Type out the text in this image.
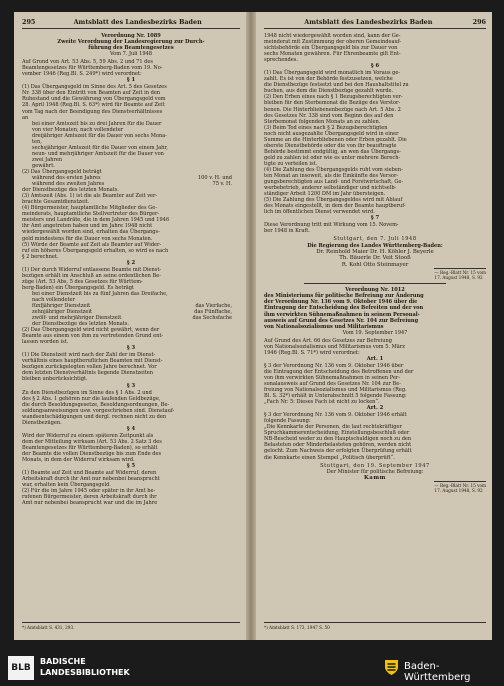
295	Amtsblatt des Landesbezirks Baden
Verordnung Nr. 1089
Zweite Verordnung der Landesregierung zur Durch-
führung des Beamtengesetzes
Vom 7. Juli 1948
Auf Grund von Art. 53 Abs. 5, 59 Abs. 2 und 71 des
Beamtengesetzes für Württemberg-Baden vom 19. No-
vember 1946 (Reg.Bl. S. 249*) wird verordnet:
§ 1
(1) Das Übergangsgeld im Sinne des Art. 5 des Gesetzes
Nr. 338 über den Eintritt von Beamten auf Zeit in den
Ruhestand und die Gewährung von Übergangsgeld vom
28. April 1948 (Reg.Bl. S. 63*) wird für Beamte auf Zeit
vom Tag nach der Beendigung des Dienstverhältnisses
an
bei einer Amtszeit bis zu drei Jahren für die Dauer
von vier Monaten, nach vollendeter
dreijähriger Amtszeit für die Dauer von sechs Mona-
ten,
sechsjähriger Amtszeit für die Dauer von einem Jahr,
neun- und mehrjähriger Amtszeit für die Dauer von
zwei Jahren
gewährt.
(2) Das Übergangsgeld beträgt
während des ersten Jahres	100 v. H. und
während des zweiten Jahres	75 v. H.
der Dienstbezüge des letzten Monats.
(3) Amtszeit (Abs. 1) ist die als Beamter auf Zeit ver-
brachte Gesamtdienstzeit.
(4) Bürgermeister, hauptamtliche Mitglieder des Ge-
meinderats, hauptamtliche Stellvertreter des Bürger-
meisters und Landräte, die in dem Jahren 1945 und 1946
ihr Amt angetreten haben und im Jahre 1948 nicht
wiedergewählt worden sind, erhalten das Übergangs-
geld mindestens für die Dauer von sechs Monaten.
(5) Würde der Beamte auf Zeit als Beamter auf Wider-
ruf ein höheres Übergangsgeld erhalten, so wird es nach
§ 2 berechnet.
§ 2
(1) Der durch Widerruf entlassene Beamte mit Dienst-
bezügen erhält im Anschluß an seine ordentlichen Be-
züge (Art. 53 Abs. 5 des Gesetzes für Württem-
berg-Baden) ein Übergangsgeld. Es beträgt
bei einer Dienstzeit bis zu fünf Jahren das Dreifache,
nach vollendeter
fünfjähriger Dienstzeit	das Vierfache,
zehnjähriger Dienstzeit	das Fünffache,
zwölf- und mehrjähriger Dienstzeit	das Sechsfache
der Dienstbezüge des letzten Monats.
(2) Das Übergangsgeld wird nicht gewährt, wenn der
Beamte aus einem von ihm zu vertretenden Grund ent-
lassen worden ist.
§ 3
(1) Die Dienstzeit wird nach der Zahl der im Dienst-
verhältnis eines hauptberuflichen Beamten mit Dienst-
bezügen zurückgelegten vollen Jahre berechnet. Vor
dem letzten Dienstverhältnis liegende Dienstzeiten
bleiben unberücksichtigt.
§ 3
Zu den Dienstbezügen im Sinne des § 1 Abs. 2 und
des § 2 Abs. 1 gehören nur die laufenden Geldbezüge,
die durch Besoldungsgesetze, Besoldungsordnungen, Be-
soldungsanweisungen usw. vorgeschrieben sind. Dienstauf-
wandsentschädigungen und dergl. rechnen nicht zu den
Dienstbezügen.
§ 4
Wird der Widerruf zu einem späteren Zeitpunkt als
dem der Mitteilung wirksam (Art. 53 Abs. 2 Satz 3 des
Beamtengesetzes für Württemberg-Baden), so erhält
der Beamte die vollen Dienstbezüge bis zum Ende des
Monats, in dem der Widerruf wirksam wird.
§ 5
(1) Beamte auf Zeit und Beamte auf Widerruf, deren
Arbeitskraft durch ihr Amt nur nebenbei beansprucht
war, erhalten kein Übergangsgeld.
(2) Für die im Jahre 1945 oder später in ihr Amt be-
rufenen Bürgermeister, deren Arbeitskraft durch ihr
Amt nur nebenbei beansprucht war und die im Jahre
*) Amtsblatt S. 431, 293.
Amtsblatt des Landesbezirks Baden	296
1948 nicht wiedergewählt worden sind, kann der Ge-
meinderat mit Zustimmung der oberen Gemeindeauf-
sichtsbehörde ein Übergangsgeld bis zur Dauer von
sechs Monaten gewähren. Für Ehrenbeamte gilt Ent-
sprechendes.
§ 6
(1) Das Übergangsgeld wird monatlich im Voraus ge-
zahlt. Es ist von der Behörde festzusetzen, welche
die Dienstbezüge festsetzt und bei den Haushaltstitel zu
buchen, aus dem die Dienstbezüge gezahlt wurde.
(2) Den Erben eines nach § 1 Bezugsberechtigten ver-
bleiben für den Sterbemonat die Bezüge des Verstor-
benen. Die Hinterbliebenenbezüge nach Art. 5 Abs. 2
des Gesetzes Nr. 338 sind vom Beginn des auf den
Sterbemonat folgenden Monats an zu zahlen.
(3) Beim Tod eines nach § 2 Bezugsberechtigten
noch nicht ausgezahlte Übergangsgeld wird in einer
Summe an die Hinterbliebenen oder Erben gezahlt. Die
oberste Dienstbehörde oder die von ihr beauftragte
Behörde bestimmt endgültig, an wen das Übergangs-
geld zu zahlen ist oder wie es unter mehrere Berech-
tigte zu verteilen ist.
(4) Die Zahlung des Übergangsgelds ruht vom sieben-
ten Monat an insoweit, als die Einkünfte des Versor-
gungsberechtigten aus Land- und Forstwirtschaft, Ge-
werbebetrieb, anderer selbständiger und nichtselb-
ständiger Arbeit 1200 DM im Jahr übersteigen.
(5) Die Zahlung des Übergangsgeldes wird mit Ablauf
des Monats eingestellt, in dem der Beamte hauptberuf-
lich im öffentlichen Dienst verwendet wird.
§ 7
Diese Verordnung tritt mit Wirkung vom 15. Novem-
ber 1948 in Kraft.
Stuttgart, den 7. Juli 1948
Die Regierung des Landes Württemberg-Baden:
Dr. Reinhold Maier Dr. H. Köhler J. Beyerle
Th. Bäuerle Dr. Veit Stooß
R. Kohl Otto Steinmayer
— Reg.-Blatt Nr. 15 vom
17. August 1948, S. 92
Verordnung Nr. 1012
des Ministeriums für politische Befreiung zur Änderung
der Verordnung Nr. 136 vom 9. Oktober 1946 über die
Eintragung der Entscheidung des Befreiten und der von
ihm verwirkten Sühnemaßnahmen in seinem Personal-
ausweis auf Grund des Gesetzes Nr. 104 zur Befreiung
von Nationalsozialismus und Militarismus
Vom 19. September 1947
Auf Grund des Art. 66 des Gesetzes zur Befreiung
von Nationalsozialismus und Militarismus vom 5. März
1946 (Reg.Bl. S. 71*) wird verordnet:
Art. 1
§ 3 der Verordnung Nr. 136 vom 9. Oktober 1946 über
die Eintragung der Entscheidung des Betroffenen und der
von ihm verwirkten Sühnemaßnahmen in seinen Per-
sonalausweis auf Grund des Gesetzes Nr. 104 zur Be-
freiung von Nationalsozialismus und Militarismus (Reg.
Bl. S. 32*) erhält in Unterabschnitt 5 folgende Fassung:
„Fach Nr. 5: Dieses Fach ist nicht zu locken“.
Art. 2
§ 3 der Verordnung Nr. 136 vom 9. Oktober 1946 erhält
folgende Fassung:
„Die Kennkarte der Personen, die laut rechtskräftiger
Spruchkammerentscheidung, Einstellungsbeschluß oder
NB-Bescheid weder zu den Hauptschuldigen noch zu den
Belasteten oder Minderbelasteten gehören, werden nicht
gelocht. Zum Nachweis der erfolgten Überprüfung erhält
die Kennkarte einen Stempel „Politisch überprüft“.
Stuttgart, den 19. September 1947
Der Minister für politische Befreiung:
Kamm
— Reg.-Blatt Nr. 15 vom
17. August 1948, S. 92
*) Amtsblatt S. 173, 1947 S. 50
BLB
BADISCHE
LANDESBIBLIOTHEK
Baden-Württemberg
